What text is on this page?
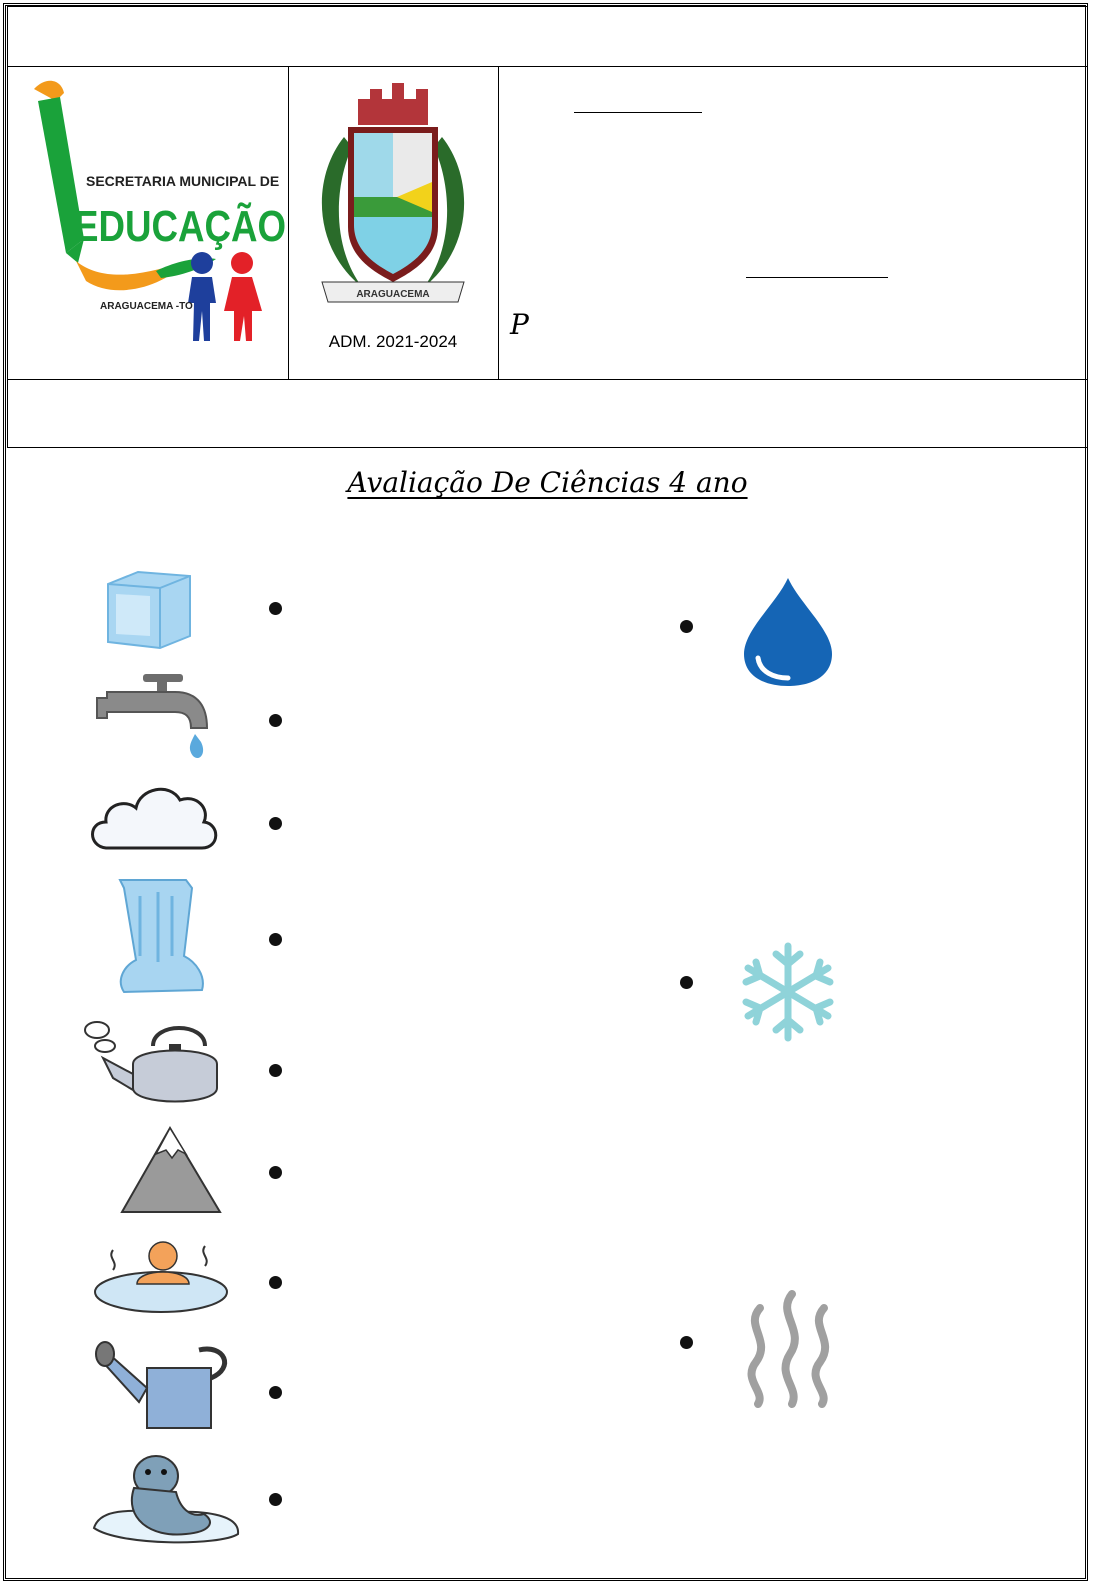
SECRETARIA MUNICIPAL DE
EDUCAÇÃO
ARAGUACEMA -TO
ARAGUACEMA
ADM. 2021-2024
P
Avaliação De Ciências 4 ano
